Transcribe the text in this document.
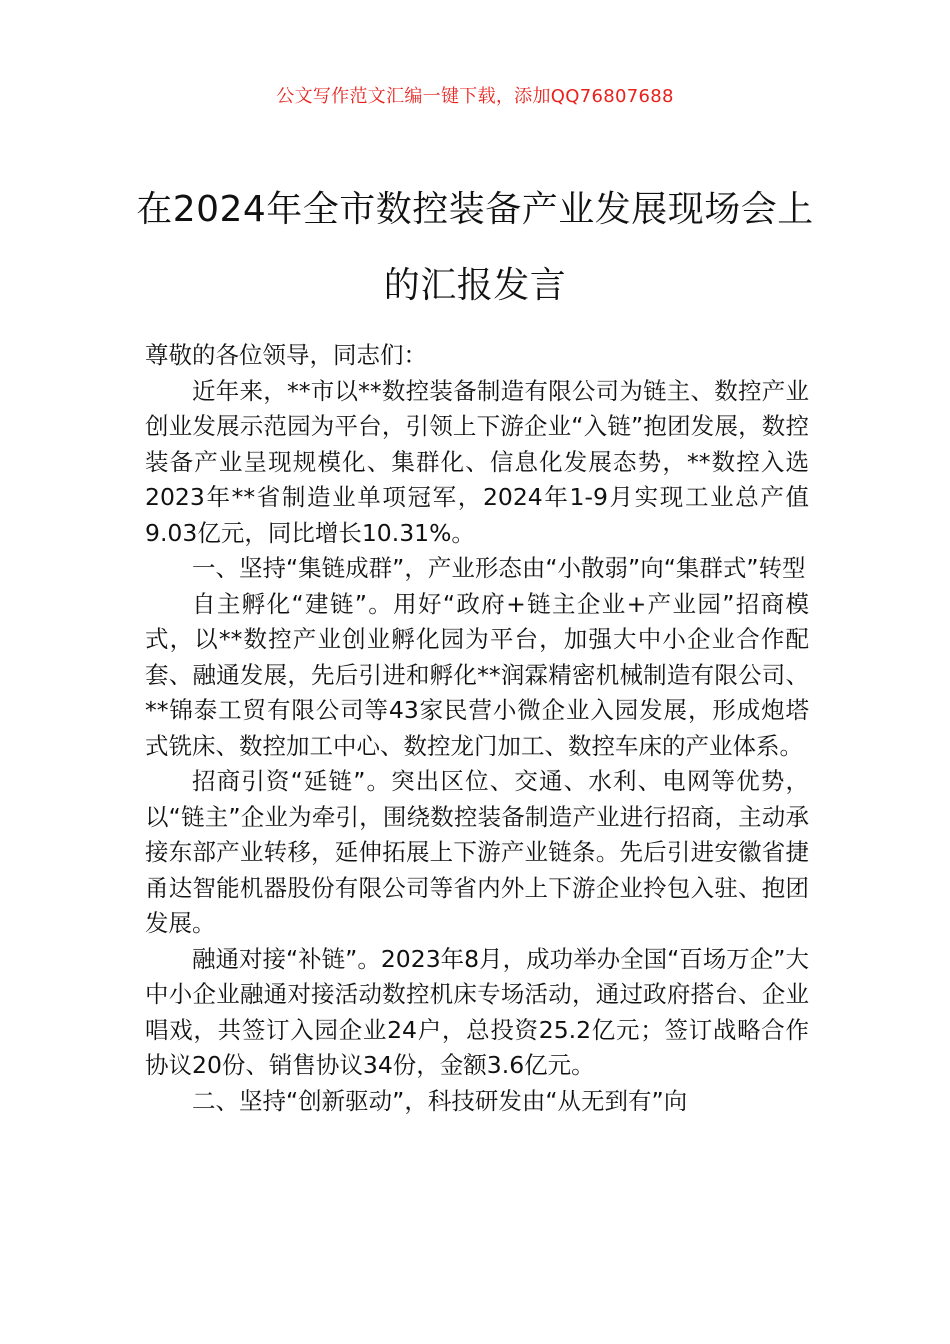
公文写作范文汇编一键下载，添加QQ76807688
在2024年全市数控装备产业发展现场会上的汇报发言

尊敬的各位领导，同志们：

近年来，**市以**数控装备制造有限公司为链主、数控产业创业发展示范园为平台，引领上下游企业“入链”抱团发展，数控装备产业呈现规模化、集群化、信息化发展态势，**数控入选2023年**省制造业单项冠军，2024年1-9月实现工业总产值9.03亿元，同比增长10.31%。

一、坚持“集链成群”，产业形态由“小散弱”向“集群式”转型

自主孵化“建链”。用好“政府+链主企业+产业园”招商模式，以**数控产业创业孵化园为平台，加强大中小企业合作配套、融通发展，先后引进和孵化**润霖精密机械制造有限公司、**锦泰工贸有限公司等43家民营小微企业入园发展，形成炮塔式铣床、数控加工中心、数控龙门加工、数控车床的产业体系。

招商引资“延链”。突出区位、交通、水利、电网等优势，以“链主”企业为牵引，围绕数控装备制造产业进行招商，主动承接东部产业转移，延伸拓展上下游产业链条。先后引进安徽省捷甬达智能机器股份有限公司等省内外上下游企业拎包入驻、抱团发展。

融通对接“补链”。2023年8月，成功举办全国“百场万企”大中小企业融通对接活动数控机床专场活动，通过政府搭台、企业唱戏，共签订入园企业24户，总投资25.2亿元；签订战略合作协议20份、销售协议34份，金额3.6亿元。

二、坚持“创新驱动”，科技研发由“从无到有”向
